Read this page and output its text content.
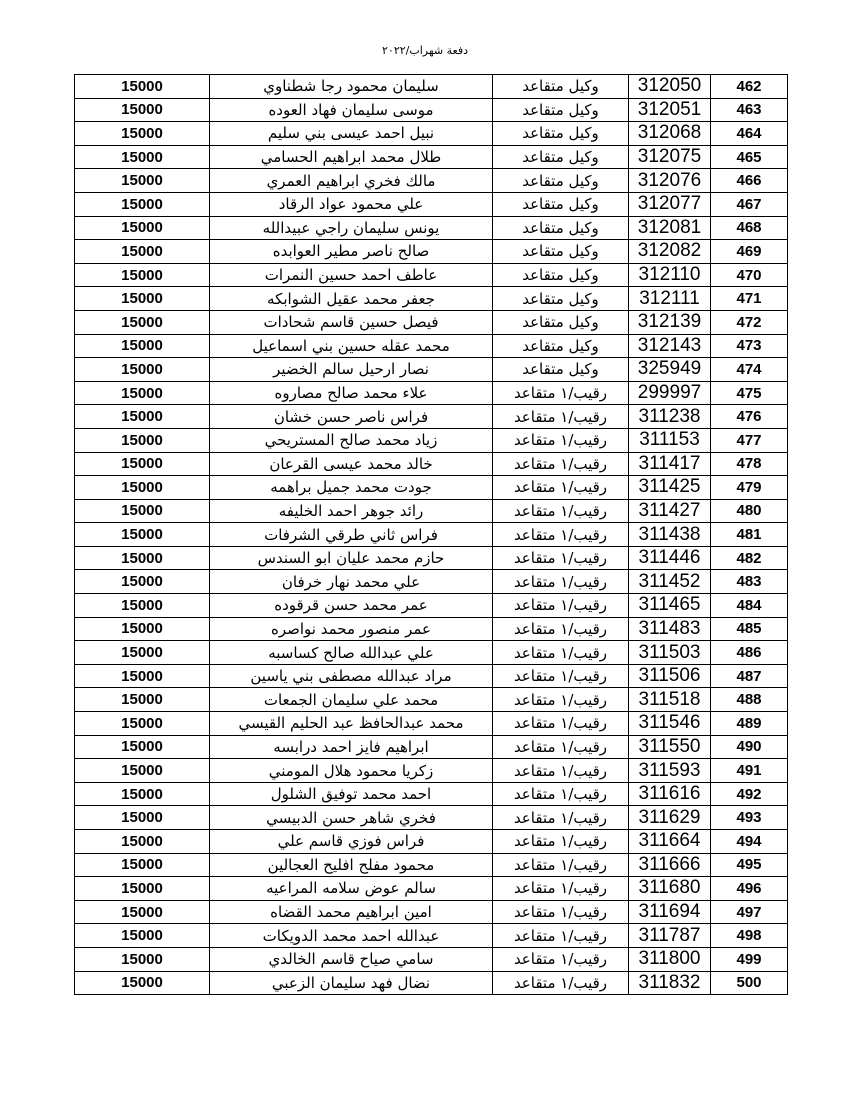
دفعة شهراب/٢٠٢٢
15000	سليمان محمود رجا شطناوي	وكيل متقاعد	312050	462
15000	موسى سليمان فهاد العوده	وكيل متقاعد	312051	463
15000	نبيل احمد عيسى بني سليم	وكيل متقاعد	312068	464
15000	طلال محمد ابراهيم الحسامي	وكيل متقاعد	312075	465
15000	مالك فخري ابراهيم العمري	وكيل متقاعد	312076	466
15000	علي محمود عواد الرقاد	وكيل متقاعد	312077	467
15000	يونس سليمان راجي عبيدالله	وكيل متقاعد	312081	468
15000	صالح ناصر مطير العوابده	وكيل متقاعد	312082	469
15000	عاطف احمد حسين النمرات	وكيل متقاعد	312110	470
15000	جعفر محمد عقيل الشوابكه	وكيل متقاعد	312111	471
15000	فيصل حسين قاسم شحادات	وكيل متقاعد	312139	472
15000	محمد عقله حسين بني اسماعيل	وكيل متقاعد	312143	473
15000	نصار ارحيل سالم الخضير	وكيل متقاعد	325949	474
15000	علاء محمد صالح مصاروه	رقيب/١ متقاعد	299997	475
15000	فراس ناصر حسن خشان	رقيب/١ متقاعد	311238	476
15000	زياد محمد صالح المستريحي	رقيب/١ متقاعد	311153	477
15000	خالد محمد عيسى القرعان	رقيب/١ متقاعد	311417	478
15000	جودت محمد جميل براهمه	رقيب/١ متقاعد	311425	479
15000	رائد جوهر احمد الخليفه	رقيب/١ متقاعد	311427	480
15000	فراس ثاني طرقي الشرفات	رقيب/١ متقاعد	311438	481
15000	حازم محمد عليان ابو السندس	رقيب/١ متقاعد	311446	482
15000	علي محمد نهار خرفان	رقيب/١ متقاعد	311452	483
15000	عمر محمد حسن قرقوده	رقيب/١ متقاعد	311465	484
15000	عمر منصور محمد نواصره	رقيب/١ متقاعد	311483	485
15000	علي عبدالله صالح كساسبه	رقيب/١ متقاعد	311503	486
15000	مراد عبدالله مصطفى بني ياسين	رقيب/١ متقاعد	311506	487
15000	محمد علي سليمان الجمعات	رقيب/١ متقاعد	311518	488
15000	محمد عبدالحافظ عبد الحليم القيسي	رقيب/١ متقاعد	311546	489
15000	ابراهيم فايز احمد درابسه	رقيب/١ متقاعد	311550	490
15000	زكريا محمود هلال المومني	رقيب/١ متقاعد	311593	491
15000	احمد محمد توفيق الشلول	رقيب/١ متقاعد	311616	492
15000	فخري شاهر حسن الدبيسي	رقيب/١ متقاعد	311629	493
15000	فراس فوزي قاسم علي	رقيب/١ متقاعد	311664	494
15000	محمود مفلح افليح العجالين	رقيب/١ متقاعد	311666	495
15000	سالم عوض سلامه المراعيه	رقيب/١ متقاعد	311680	496
15000	امين ابراهيم محمد القضاه	رقيب/١ متقاعد	311694	497
15000	عبدالله احمد محمد الدويكات	رقيب/١ متقاعد	311787	498
15000	سامي صياح قاسم الخالدي	رقيب/١ متقاعد	311800	499
15000	نضال فهد سليمان الزعبي	رقيب/١ متقاعد	311832	500
